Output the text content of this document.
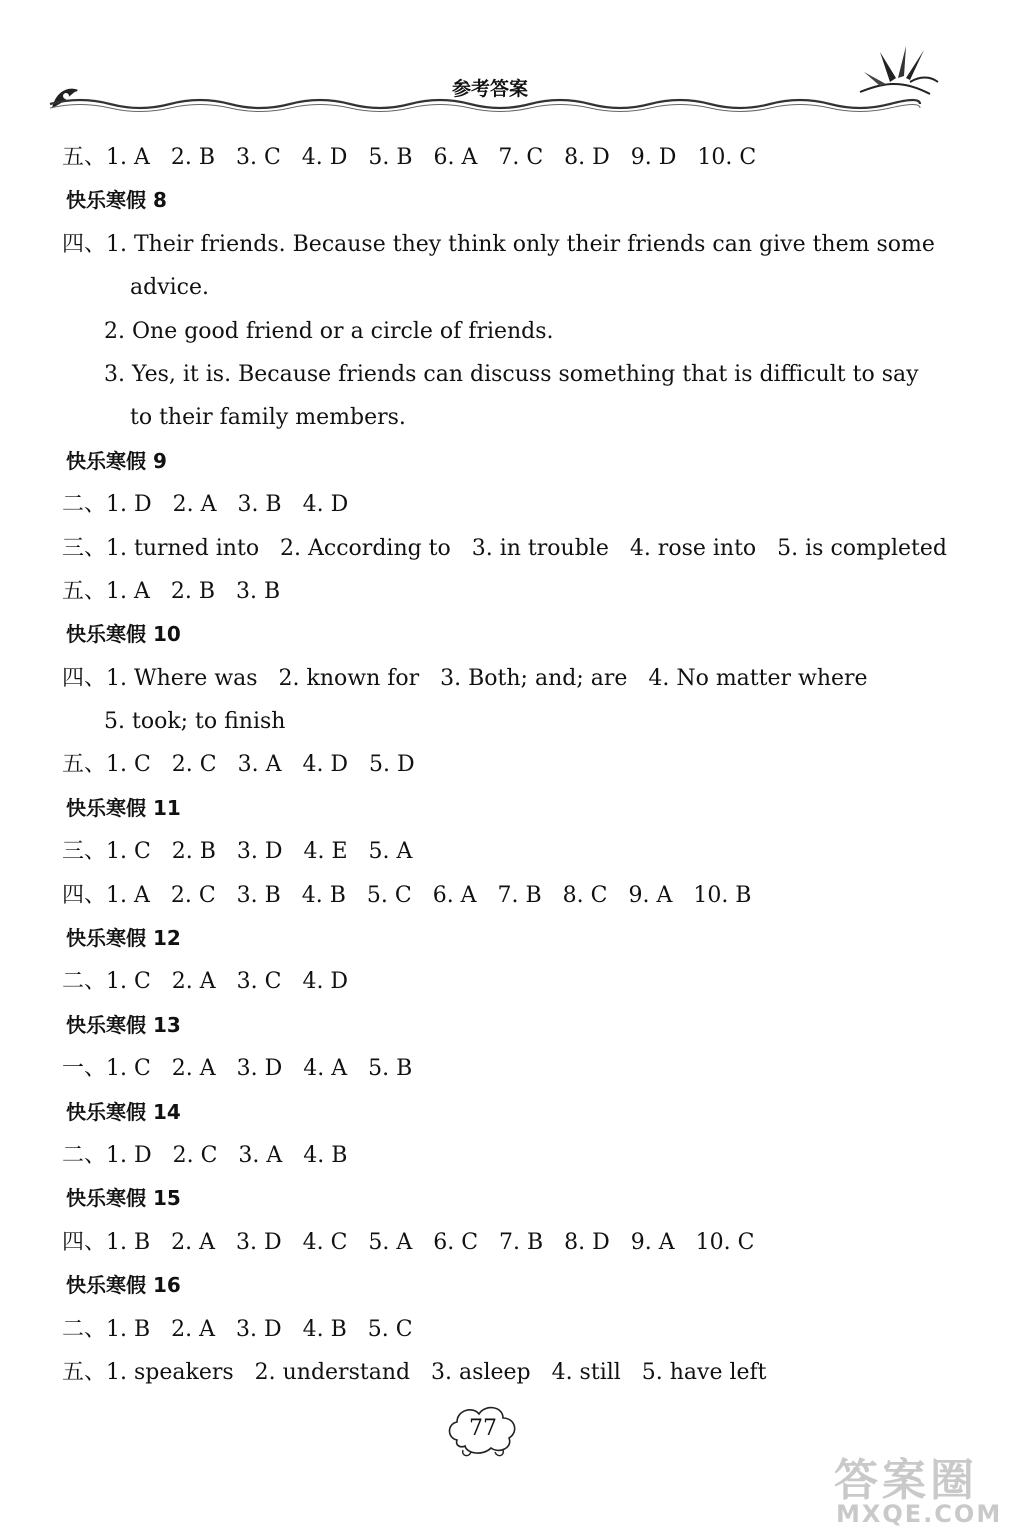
参考答案
五、1. A   2. B   3. C   4. D   5. B   6. A   7. C   8. D   9. D   10. C
快乐寒假 8
四、1. Their friends. Because they think only their friends can give them some
advice.
2. One good friend or a circle of friends.
3. Yes, it is. Because friends can discuss something that is difficult to say
to their family members.
快乐寒假 9
二、1. D   2. A   3. B   4. D
三、1. turned into   2. According to   3. in trouble   4. rose into   5. is completed
五、1. A   2. B   3. B
快乐寒假 10
四、1. Where was   2. known for   3. Both; and; are   4. No matter where
5. took; to finish
五、1. C   2. C   3. A   4. D   5. D
快乐寒假 11
三、1. C   2. B   3. D   4. E   5. A
四、1. A   2. C   3. B   4. B   5. C   6. A   7. B   8. C   9. A   10. B
快乐寒假 12
二、1. C   2. A   3. C   4. D
快乐寒假 13
一、1. C   2. A   3. D   4. A   5. B
快乐寒假 14
二、1. D   2. C   3. A   4. B
快乐寒假 15
四、1. B   2. A   3. D   4. C   5. A   6. C   7. B   8. D   9. A   10. C
快乐寒假 16
二、1. B   2. A   3. D   4. B   5. C
五、1. speakers   2. understand   3. asleep   4. still   5. have left
77
答案圈
MXQE.COM
